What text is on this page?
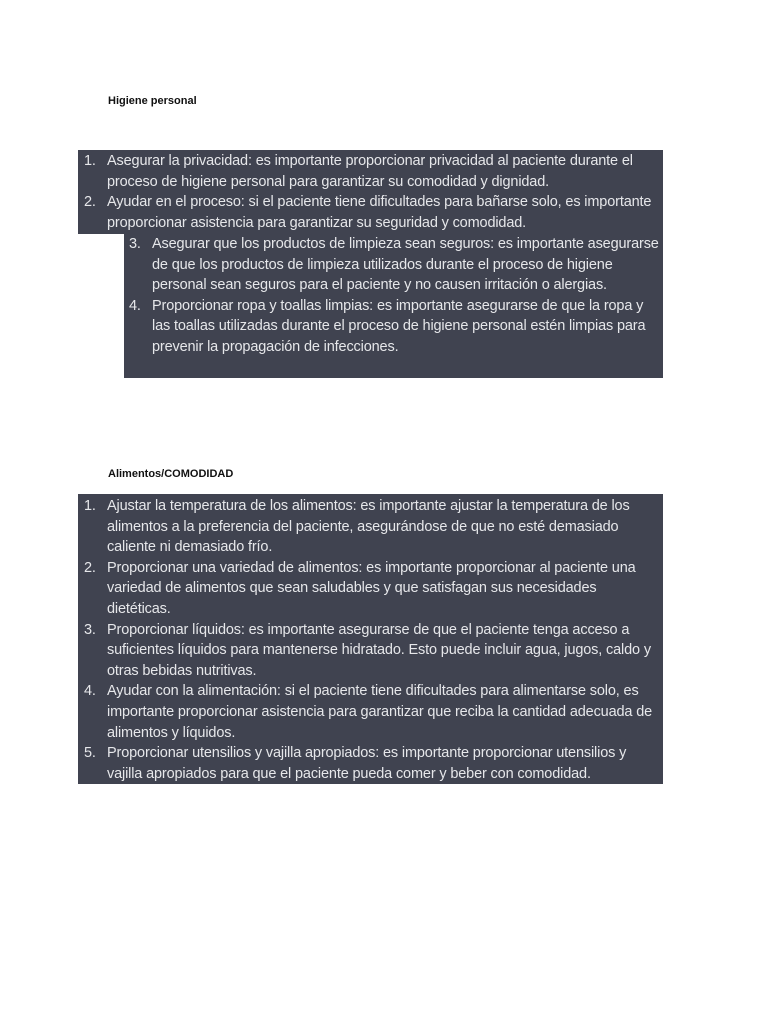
Higiene personal
1. Asegurar la privacidad: es importante proporcionar privacidad al paciente durante el proceso de higiene personal para garantizar su comodidad y dignidad.
2. Ayudar en el proceso: si el paciente tiene dificultades para bañarse solo, es importante proporcionar asistencia para garantizar su seguridad y comodidad.
3. Asegurar que los productos de limpieza sean seguros: es importante asegurarse de que los productos de limpieza utilizados durante el proceso de higiene personal sean seguros para el paciente y no causen irritación o alergias.
4. Proporcionar ropa y toallas limpias: es importante asegurarse de que la ropa y las toallas utilizadas durante el proceso de higiene personal estén limpias para prevenir la propagación de infecciones.
Alimentos/COMODIDAD
1. Ajustar la temperatura de los alimentos: es importante ajustar la temperatura de los alimentos a la preferencia del paciente, asegurándose de que no esté demasiado caliente ni demasiado frío.
2. Proporcionar una variedad de alimentos: es importante proporcionar al paciente una variedad de alimentos que sean saludables y que satisfagan sus necesidades dietéticas.
3. Proporcionar líquidos: es importante asegurarse de que el paciente tenga acceso a suficientes líquidos para mantenerse hidratado. Esto puede incluir agua, jugos, caldo y otras bebidas nutritivas.
4. Ayudar con la alimentación: si el paciente tiene dificultades para alimentarse solo, es importante proporcionar asistencia para garantizar que reciba la cantidad adecuada de alimentos y líquidos.
5. Proporcionar utensilios y vajilla apropiados: es importante proporcionar utensilios y vajilla apropiados para que el paciente pueda comer y beber con comodidad.
